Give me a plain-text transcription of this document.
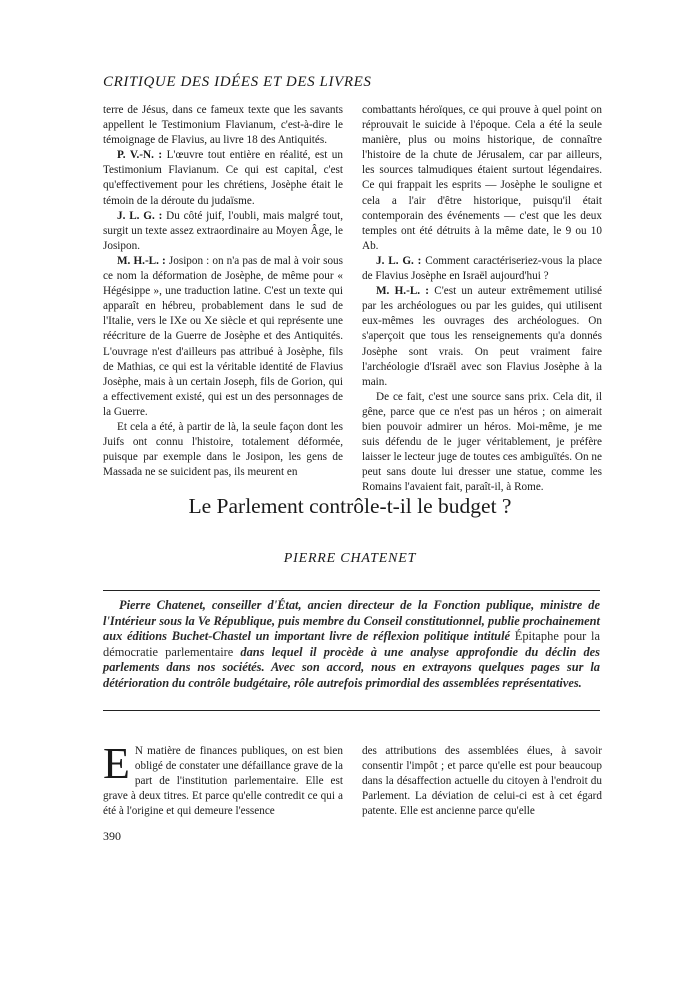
CRITIQUE DES IDÉES ET DES LIVRES

terre de Jésus, dans ce fameux texte que les savants appellent le Testimonium Flavianum, c'est-à-dire le témoignage de Flavius, au livre 18 des Antiquités.

P. V.-N. : L'œuvre tout entière en réalité, est un Testimonium Flavianum. Ce qui est capital, c'est qu'effectivement pour les chrétiens, Josèphe était le témoin de la déroute du judaïsme.

J. L. G. : Du côté juif, l'oubli, mais malgré tout, surgit un texte assez extraordinaire au Moyen Âge, le Josipon.

M. H.-L. : Josipon : on n'a pas de mal à voir sous ce nom la déformation de Josèphe, de même pour « Hégésippe », une traduction latine. C'est un texte qui apparaît en hébreu, probablement dans le sud de l'Italie, vers le IXe ou Xe siècle et qui représente une réécriture de la Guerre de Josèphe et des Antiquités. L'ouvrage n'est d'ailleurs pas attribué à Josèphe, fils de Mathias, ce qui est la véritable identité de Flavius Josèphe, mais à un certain Joseph, fils de Gorion, qui a effectivement existé, qui est un des personnages de la Guerre.

Et cela a été, à partir de là, la seule façon dont les Juifs ont connu l'histoire, totalement déformée, puisque par exemple dans le Josipon, les gens de Massada ne se suicident pas, ils meurent en

combattants héroïques, ce qui prouve à quel point on réprouvait le suicide à l'époque. Cela a été la seule manière, plus ou moins historique, de connaître l'histoire de la chute de Jérusalem, car par ailleurs, les sources talmudiques étaient surtout légendaires. Ce qui frappait les esprits — Josèphe le souligne et cela a l'air d'être historique, puisqu'il était contemporain des événements — c'est que les deux temples ont été détruits à la même date, le 9 ou 10 Ab.

J. L. G. : Comment caractériseriez-vous la place de Flavius Josèphe en Israël aujourd'hui ?

M. H.-L. : C'est un auteur extrêmement utilisé par les archéologues ou par les guides, qui utilisent eux-mêmes les ouvrages des archéologues. On s'aperçoit que tous les renseignements qu'a donnés Josèphe sont vrais. On peut vraiment faire l'archéologie d'Israël avec son Flavius Josèphe à la main.

De ce fait, c'est une source sans prix. Cela dit, il gêne, parce que ce n'est pas un héros ; on aimerait bien pouvoir admirer un héros. Moi-même, je me suis défendu de le juger véritablement, je préfère laisser le lecteur juge de toutes ces ambiguïtés. On ne peut sans doute lui dresser une statue, comme les Romains l'avaient fait, paraît-il, à Rome.

Le Parlement contrôle-t-il le budget ?
PIERRE CHATENET
Pierre Chatenet, conseiller d'État, ancien directeur de la Fonction publique, ministre de l'Intérieur sous la Ve République, puis membre du Conseil constitutionnel, publie prochainement aux éditions Buchet-Chastel un important livre de réflexion politique intitulé Épitaphe pour la démocratie parlementaire dans lequel il procède à une analyse approfondie du déclin des parlements dans nos sociétés. Avec son accord, nous en extrayons quelques pages sur la détérioration du contrôle budgétaire, rôle autrefois primordial des assemblées représentatives.

E N matière de finances publiques, on est bien obligé de constater une défaillance grave de la part de l'institution parlementaire. Elle est grave à deux titres. Et parce qu'elle contredit ce qui a été à l'origine et qui demeure l'essence

des attributions des assemblées élues, à savoir consentir l'impôt ; et parce qu'elle est pour beaucoup dans la désaffection actuelle du citoyen à l'endroit du Parlement. La déviation de celui-ci est à cet égard patente. Elle est ancienne parce qu'elle

390
